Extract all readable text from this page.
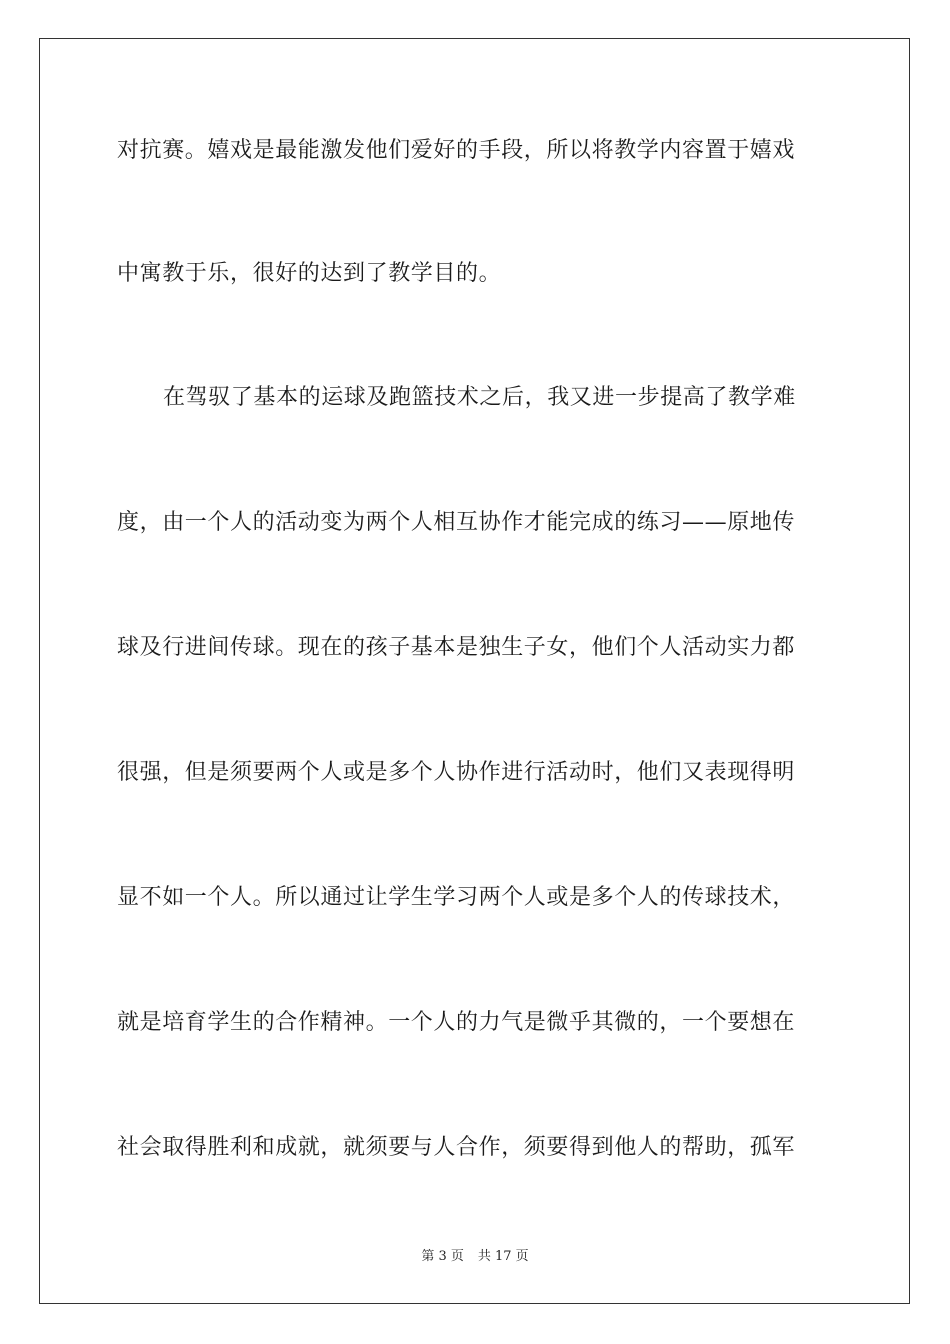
对抗赛。嬉戏是最能激发他们爱好的手段，所以将教学内容置于嬉戏
中寓教于乐，很好的达到了教学目的。
在驾驭了基本的运球及跑篮技术之后，我又进一步提高了教学难
度，由一个人的活动变为两个人相互协作才能完成的练习——原地传
球及行进间传球。现在的孩子基本是独生子女，他们个人活动实力都
很强，但是须要两个人或是多个人协作进行活动时，他们又表现得明
显不如一个人。所以通过让学生学习两个人或是多个人的传球技术，
就是培育学生的合作精神。一个人的力气是微乎其微的，一个要想在
社会取得胜利和成就，就须要与人合作，须要得到他人的帮助，孤军
第 3 页 共 17 页
